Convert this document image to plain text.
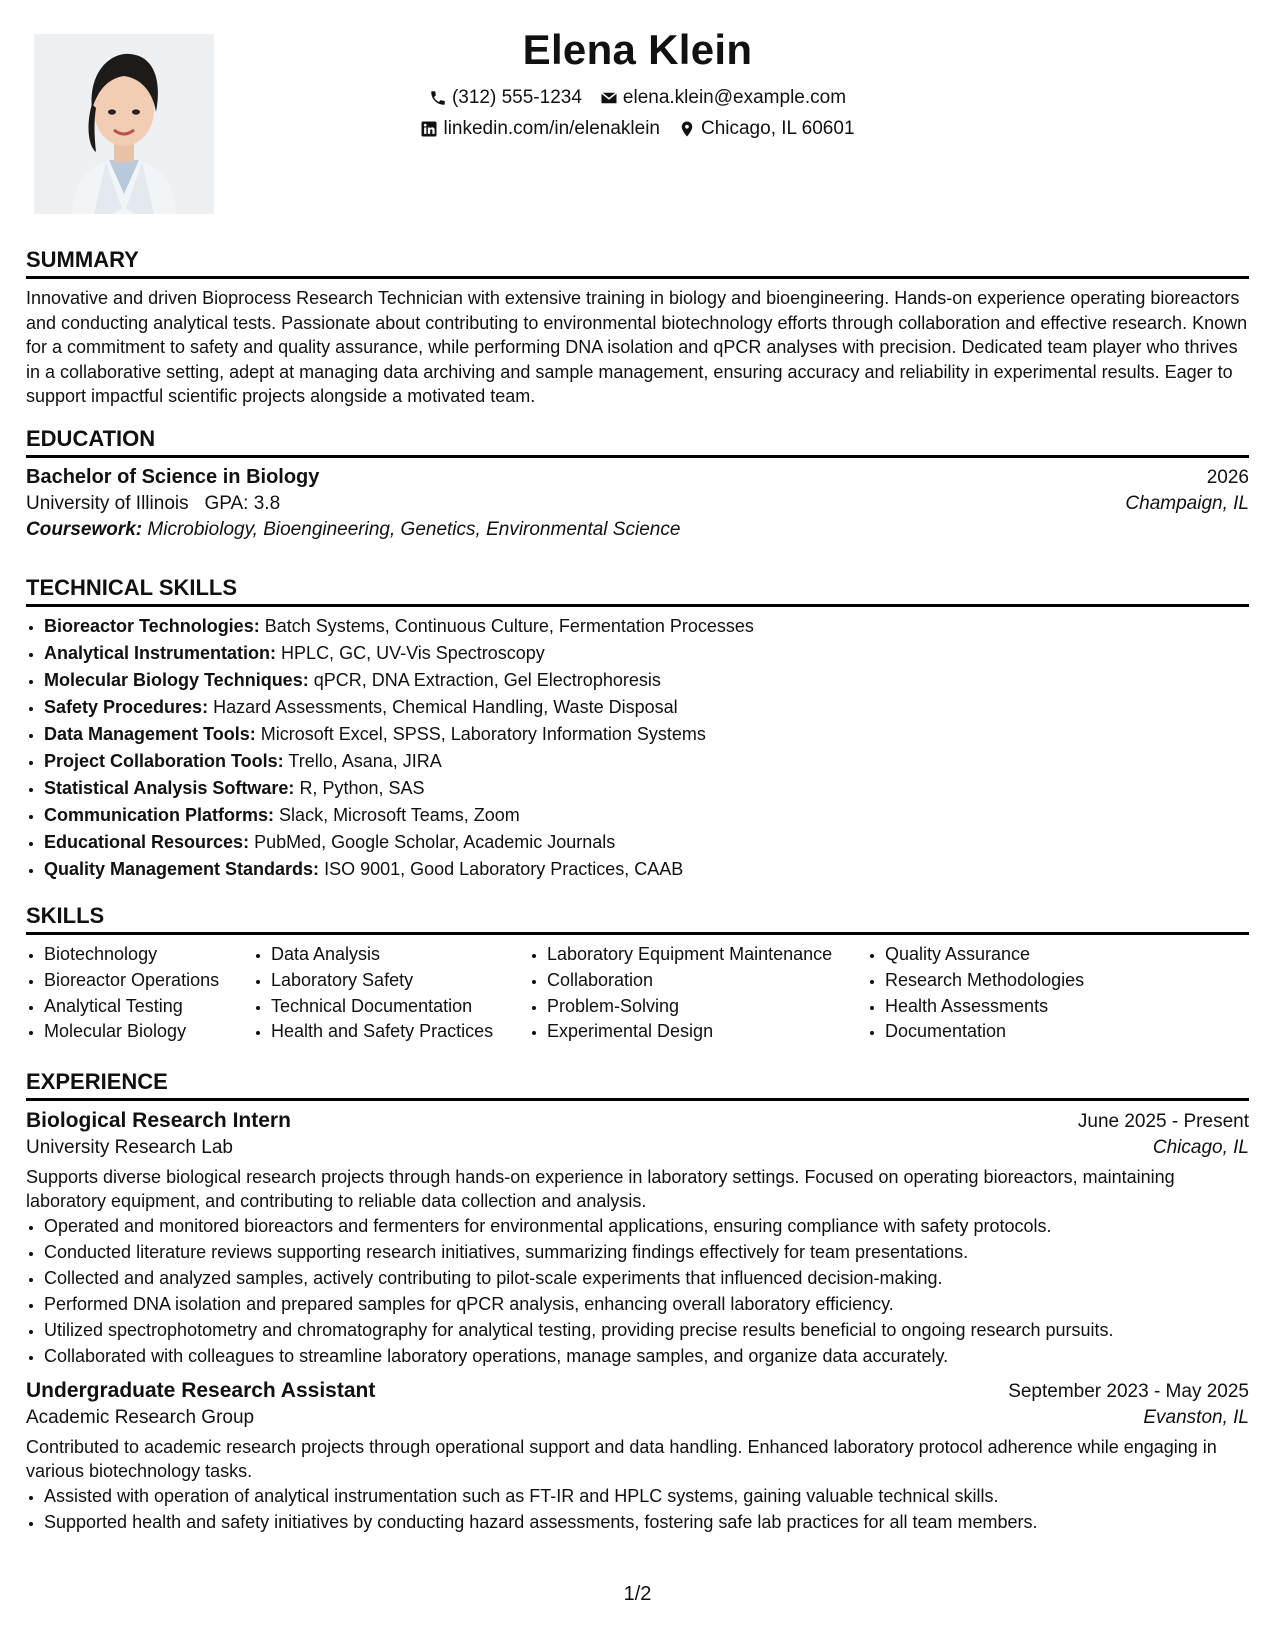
Elena Klein
(312) 555-1234 elena.klein@example.com
linkedin.com/in/elenaklein Chicago, IL 60601
SUMMARY

Innovative and driven Bioprocess Research Technician with extensive training in biology and bioengineering. Hands-on experience operating bioreactors and conducting analytical tests. Passionate about contributing to environmental biotechnology efforts through collaboration and effective research. Known for a commitment to safety and quality assurance, while performing DNA isolation and qPCR analyses with precision. Dedicated team player who thrives in a collaborative setting, adept at managing data archiving and sample management, ensuring accuracy and reliability in experimental results. Eager to support impactful scientific projects alongside a motivated team.

EDUCATION
Bachelor of Science in Biology	2026
University of Illinois GPA: 3.8	Champaign, IL

Coursework: Microbiology, Bioengineering, Genetics, Environmental Science

TECHNICAL SKILLS
• Bioreactor Technologies: Batch Systems, Continuous Culture, Fermentation Processes
• Analytical Instrumentation: HPLC, GC, UV-Vis Spectroscopy
• Molecular Biology Techniques: qPCR, DNA Extraction, Gel Electrophoresis
• Safety Procedures: Hazard Assessments, Chemical Handling, Waste Disposal
• Data Management Tools: Microsoft Excel, SPSS, Laboratory Information Systems
• Project Collaboration Tools: Trello, Asana, JIRA
• Statistical Analysis Software: R, Python, SAS
• Communication Platforms: Slack, Microsoft Teams, Zoom
• Educational Resources: PubMed, Google Scholar, Academic Journals
• Quality Management Standards: ISO 9001, Good Laboratory Practices, CAAB
SKILLS
• Biotechnology
• Bioreactor Operations
• Analytical Testing
• Molecular Biology
• Data Analysis
• Laboratory Safety
• Technical Documentation
• Health and Safety Practices
• Laboratory Equipment Maintenance
• Collaboration
• Problem-Solving
• Experimental Design
• Quality Assurance
• Research Methodologies
• Health Assessments
• Documentation
EXPERIENCE
Biological Research Intern	June 2025 - Present
University Research Lab	Chicago, IL

Supports diverse biological research projects through hands-on experience in laboratory settings. Focused on operating bioreactors, maintaining laboratory equipment, and contributing to reliable data collection and analysis.

• Operated and monitored bioreactors and fermenters for environmental applications, ensuring compliance with safety protocols.
• Conducted literature reviews supporting research initiatives, summarizing findings effectively for team presentations.
• Collected and analyzed samples, actively contributing to pilot-scale experiments that influenced decision-making.
• Performed DNA isolation and prepared samples for qPCR analysis, enhancing overall laboratory efficiency.
• Utilized spectrophotometry and chromatography for analytical testing, providing precise results beneficial to ongoing research pursuits.
• Collaborated with colleagues to streamline laboratory operations, manage samples, and organize data accurately.
Undergraduate Research Assistant	September 2023 - May 2025
Academic Research Group	Evanston, IL

Contributed to academic research projects through operational support and data handling. Enhanced laboratory protocol adherence while engaging in various biotechnology tasks.

• Assisted with operation of analytical instrumentation such as FT-IR and HPLC systems, gaining valuable technical skills.
• Supported health and safety initiatives by conducting hazard assessments, fostering safe lab practices for all team members.
1/2
